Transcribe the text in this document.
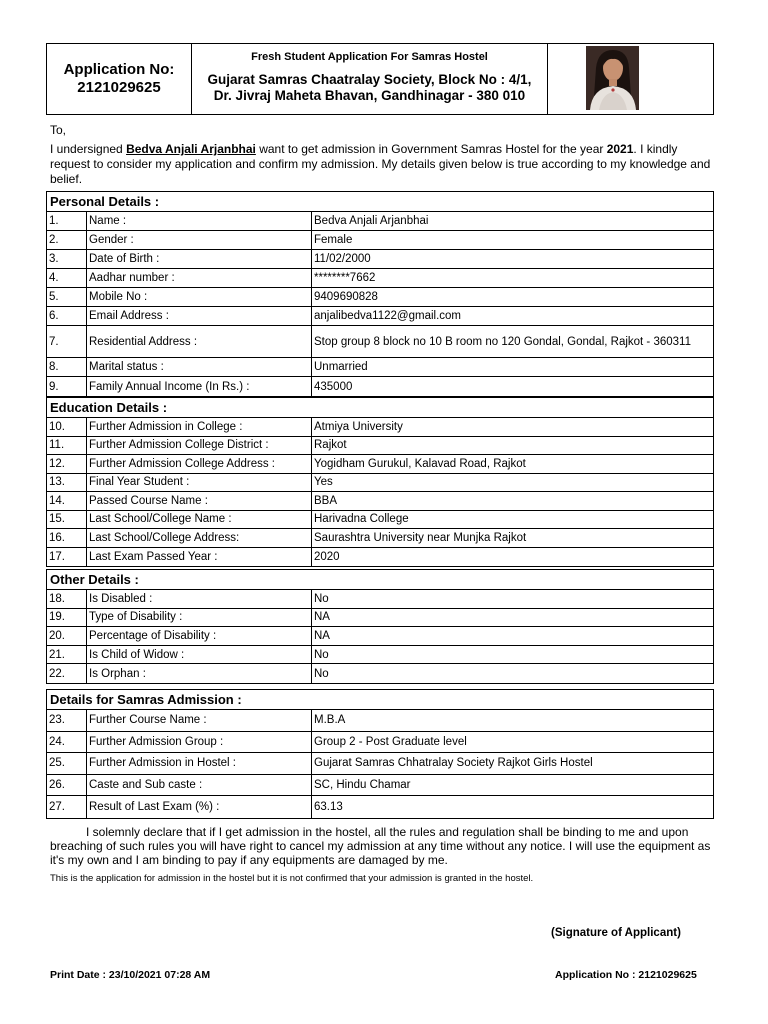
Application No:
2121029625
Fresh Student Application For Samras Hostel
Gujarat Samras Chaatralay Society, Block No : 4/1,
Dr. Jivraj Maheta Bhavan, Gandhinagar - 380 010
To,
I undersigned Bedva Anjali Arjanbhai want to get admission in Government Samras Hostel for the year 2021. I kindly request to consider my application and confirm my admission. My details given below is true according to my knowledge and belief.
Personal Details :
1.	Name :	Bedva Anjali Arjanbhai
2.	Gender :	Female
3.	Date of Birth :	11/02/2000
4.	Aadhar number :	********7662
5.	Mobile No :	9409690828
6.	Email Address :	anjalibedva1122@gmail.com
7.	Residential Address :	Stop group 8 block no 10 B room no 120 Gondal, Gondal, Rajkot - 360311
8.	Marital status :	Unmarried
9.	Family Annual Income (In Rs.) :	435000
Education Details :
10.	Further Admission in College :	Atmiya University
11.	Further Admission College District :	Rajkot
12.	Further Admission College Address :	Yogidham Gurukul, Kalavad Road, Rajkot
13.	Final Year Student :	Yes
14.	Passed Course Name :	BBA
15.	Last School/College Name :	Harivadna College
16.	Last School/College Address:	Saurashtra University near Munjka Rajkot
17.	Last Exam Passed Year :	2020
Other Details :
18.	Is Disabled :	No
19.	Type of Disability :	NA
20.	Percentage of Disability :	NA
21.	Is Child of Widow :	No
22.	Is Orphan :	No
Details for Samras Admission :
23.	Further Course Name :	M.B.A
24.	Further Admission Group :	Group 2 - Post Graduate level
25.	Further Admission in Hostel :	Gujarat Samras Chhatralay Society Rajkot Girls Hostel
26.	Caste and Sub caste :	SC, Hindu Chamar
27.	Result of Last Exam (%) :	63.13
I solemnly declare that if I get admission in the hostel, all the rules and regulation shall be binding to me and upon breaching of such rules you will have right to cancel my admission at any time without any notice. I will use the equipment as it's my own and I am binding to pay if any equipments are damaged by me.
This is the application for admission in the hostel but it is not confirmed that your admission is granted in the hostel.
(Signature of Applicant)
Print Date : 23/10/2021 07:28 AM	Application No : 2121029625
